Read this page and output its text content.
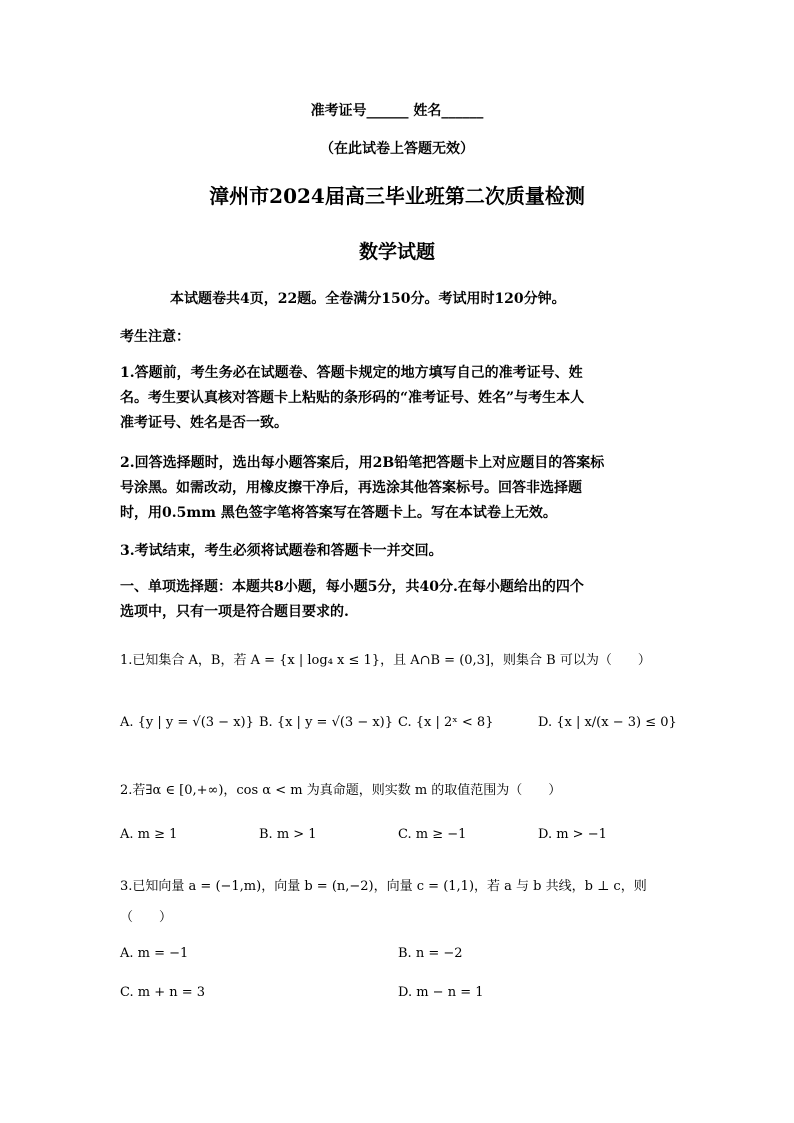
准考证号______ 姓名______
（在此试卷上答题无效）
漳州市2024届高三毕业班第二次质量检测
数学试题
本试题卷共4页，22题。全卷满分150分。考试用时120分钟。
考生注意：
1.答题前，考生务必在试题卷、答题卡规定的地方填写自己的准考证号、姓
名。考生要认真核对答题卡上粘贴的条形码的“准考证号、姓名”与考生本人
准考证号、姓名是否一致。
2.回答选择题时，选出每小题答案后，用2B铅笔把答题卡上对应题目的答案标
号涂黑。如需改动，用橡皮擦干净后，再选涂其他答案标号。回答非选择题
时，用0.5mm 黑色签字笔将答案写在答题卡上。写在本试卷上无效。
3.考试结束，考生必须将试题卷和答题卡一并交回。
一、单项选择题：本题共8小题，每小题5分，共40分.在每小题给出的四个
选项中，只有一项是符合题目要求的.
1.已知集合 A，B，若 A = {x | log₄ x ≤ 1}，且 A∩B = (0,3]，则集合 B 可以为（　　）
A. {y | y = √(3 − x)} B. {x | y = √(3 − x)} C. {x | 2ˣ < 8}	D. {x | x/(x − 3) ≤ 0}
2.若∃α ∈ [0,+∞)，cos α < m 为真命题，则实数 m 的取值范围为（　　）
A. m ≥ 1	B. m > 1	C. m ≥ −1	D. m > −1
3.已知向量 a = (−1,m)，向量 b = (n,−2)，向量 c = (1,1)，若 a 与 b 共线，b ⊥ c，则
（　　）
A. m = −1	B. n = −2
C. m + n = 3	D. m − n = 1
